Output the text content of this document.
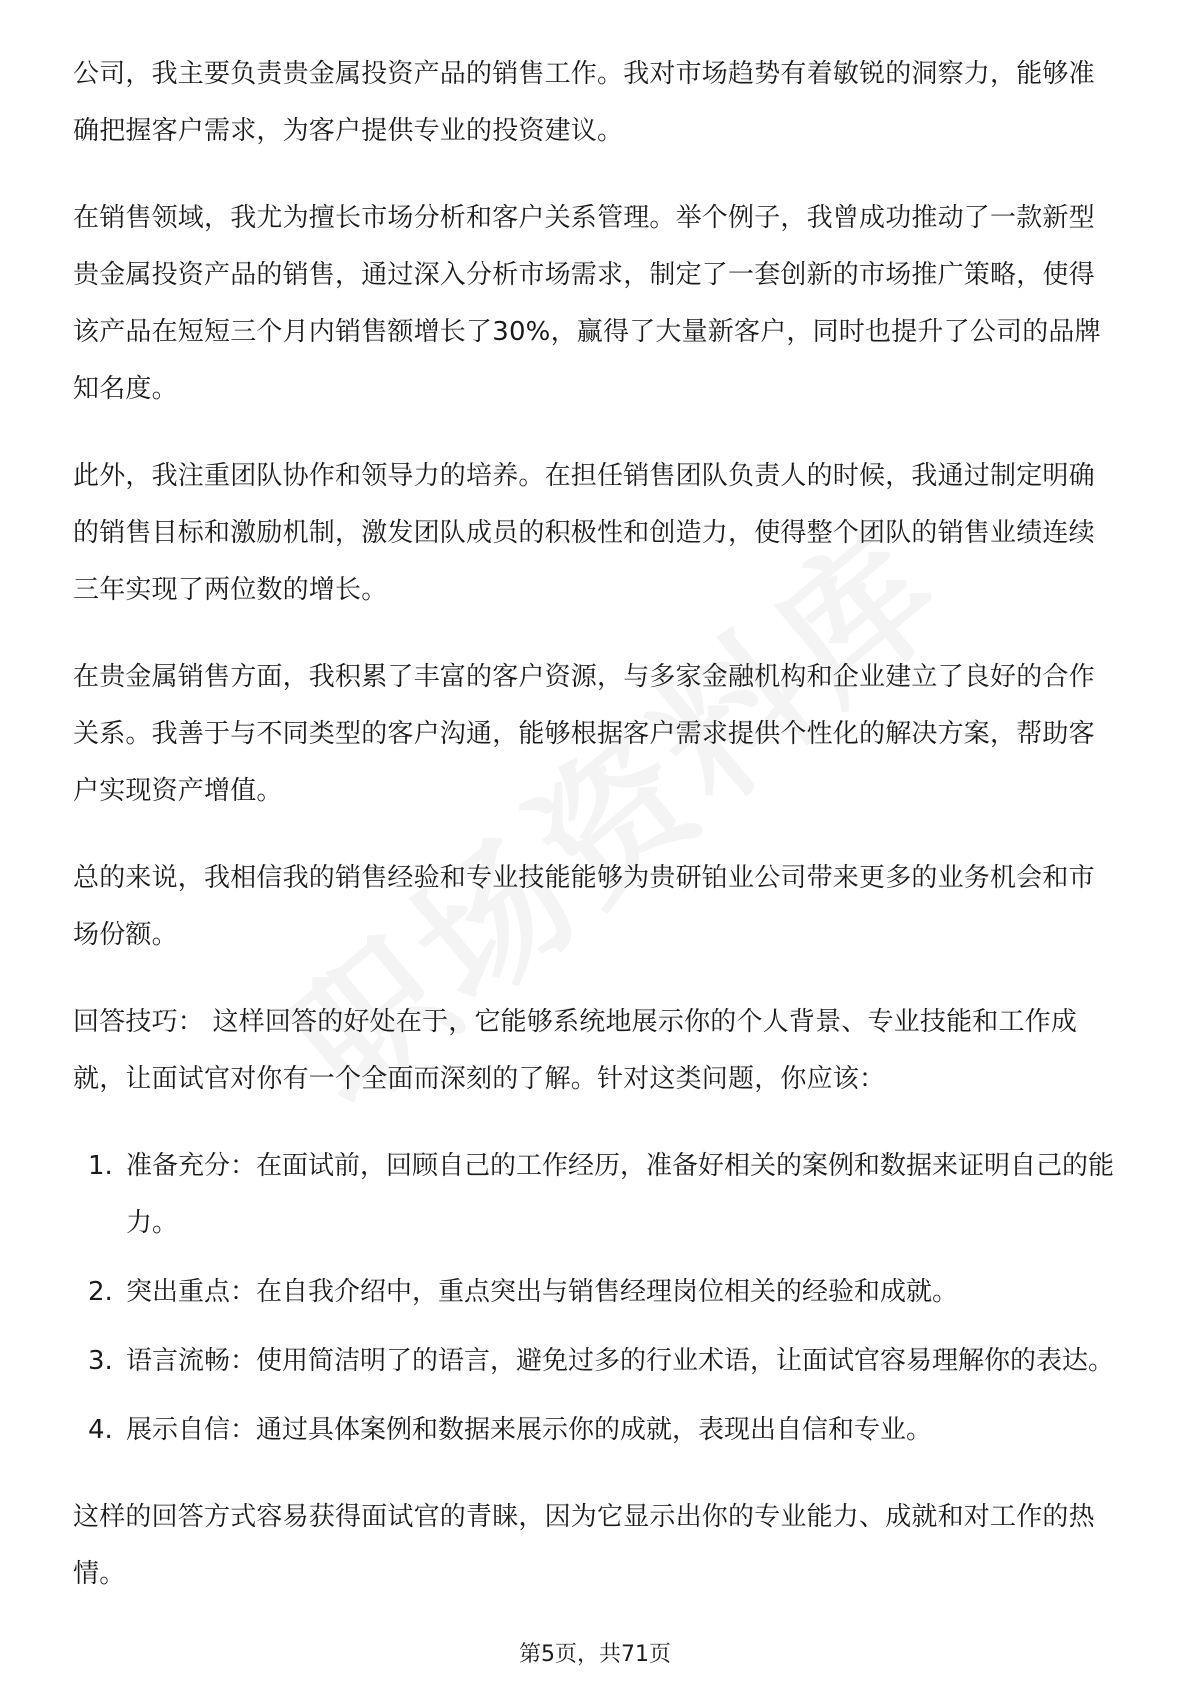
公司，我主要负责贵金属投资产品的销售工作。我对市场趋势有着敏锐的洞察力，能够准确把握客户需求，为客户提供专业的投资建议。

在销售领域，我尤为擅长市场分析和客户关系管理。举个例子，我曾成功推动了一款新型贵金属投资产品的销售，通过深入分析市场需求，制定了一套创新的市场推广策略，使得该产品在短短三个月内销售额增长了30%，赢得了大量新客户，同时也提升了公司的品牌知名度。

此外，我注重团队协作和领导力的培养。在担任销售团队负责人的时候，我通过制定明确的销售目标和激励机制，激发团队成员的积极性和创造力，使得整个团队的销售业绩连续三年实现了两位数的增长。

在贵金属销售方面，我积累了丰富的客户资源，与多家金融机构和企业建立了良好的合作关系。我善于与不同类型的客户沟通，能够根据客户需求提供个性化的解决方案，帮助客户实现资产增值。

总的来说，我相信我的销售经验和专业技能能够为贵研铂业公司带来更多的业务机会和市场份额。

回答技巧： 这样回答的好处在于，它能够系统地展示你的个人背景、专业技能和工作成就，让面试官对你有一个全面而深刻的了解。针对这类问题，你应该：

1. 准备充分：在面试前，回顾自己的工作经历，准备好相关的案例和数据来证明自己的能力。
2. 突出重点：在自我介绍中，重点突出与销售经理岗位相关的经验和成就。
3. 语言流畅：使用简洁明了的语言，避免过多的行业术语，让面试官容易理解你的表达。
4. 展示自信：通过具体案例和数据来展示你的成就，表现出自信和专业。

这样的回答方式容易获得面试官的青睐，因为它显示出你的专业能力、成就和对工作的热情。

第5页，共71页
